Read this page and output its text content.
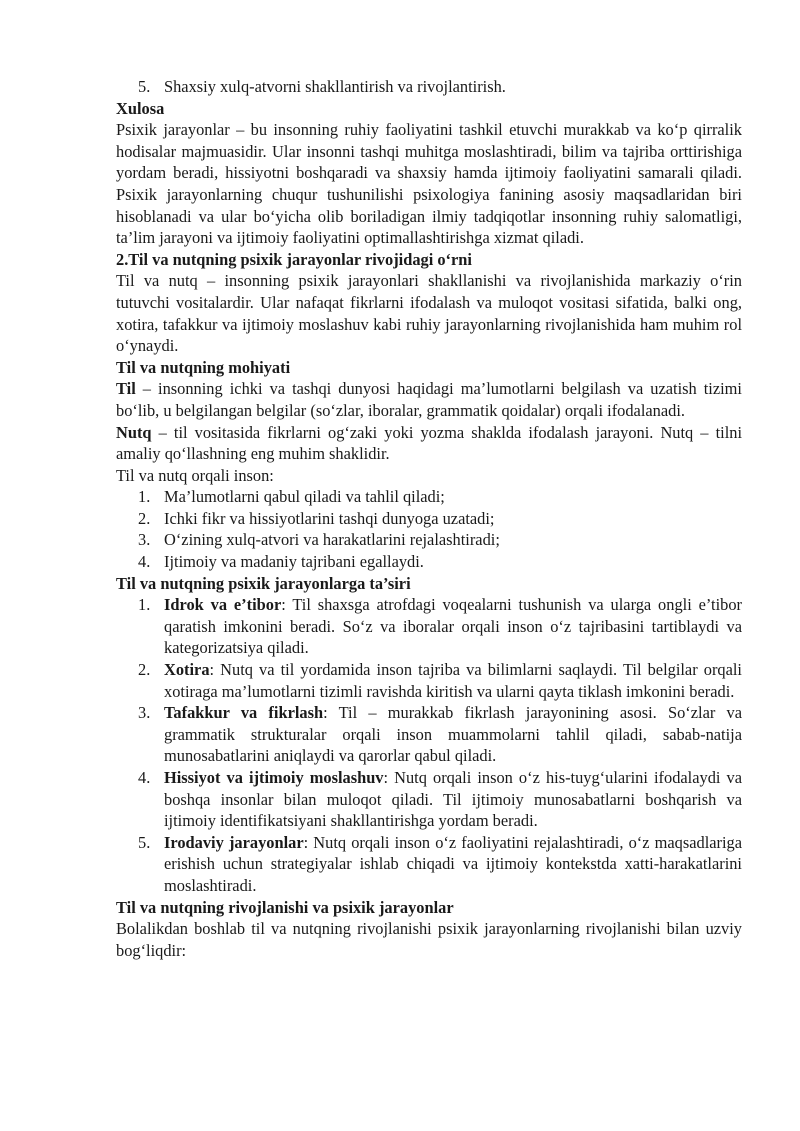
5. Shaxsiy xulq-atvorni shakllantirish va rivojlantirish.
Xulosa

Psixik jarayonlar – bu insonning ruhiy faoliyatini tashkil etuvchi murakkab va ko‘p qirralik hodisalar majmuasidir. Ular insonni tashqi muhitga moslashtiradi, bilim va tajriba orttirishiga yordam beradi, hissiyotni boshqaradi va shaxsiy hamda ijtimoiy faoliyatini samarali qiladi. Psixik jarayonlarning chuqur tushunilishi psixologiya fanining asosiy maqsadlaridan biri hisoblanadi va ular bo‘yicha olib boriladigan ilmiy tadqiqotlar insonning ruhiy salomatligi, ta’lim jarayoni va ijtimoiy faoliyatini optimallashtirishga xizmat qiladi.

2.Til va nutqning psixik jarayonlar rivojidagi o‘rni

Til va nutq – insonning psixik jarayonlari shakllanishi va rivojlanishida markaziy o‘rin tutuvchi vositalardir. Ular nafaqat fikrlarni ifodalash va muloqot vositasi sifatida, balki ong, xotira, tafakkur va ijtimoiy moslashuv kabi ruhiy jarayonlarning rivojlanishida ham muhim rol o‘ynaydi.

Til va nutqning mohiyati

Til – insonning ichki va tashqi dunyosi haqidagi ma’lumotlarni belgilash va uzatish tizimi bo‘lib, u belgilangan belgilar (so‘zlar, iboralar, grammatik qoidalar) orqali ifodalanadi.

Nutq – til vositasida fikrlarni og‘zaki yoki yozma shaklda ifodalash jarayoni. Nutq – tilni amaliy qo‘llashning eng muhim shaklidir.

Til va nutq orqali inson:

1. Ma’lumotlarni qabul qiladi va tahlil qiladi;
2. Ichki fikr va hissiyotlarini tashqi dunyoga uzatadi;
3. O‘zining xulq-atvori va harakatlarini rejalashtiradi;
4. Ijtimoiy va madaniy tajribani egallaydi.
Til va nutqning psixik jarayonlarga ta’siri
1. Idrok va e’tibor: Til shaxsga atrofdagi voqealarni tushunish va ularga ongli e’tibor qaratish imkonini beradi. So‘z va iboralar orqali inson o‘z tajribasini tartiblaydi va kategorizatsiya qiladi.
2. Xotira: Nutq va til yordamida inson tajriba va bilimlarni saqlaydi. Til belgilar orqali xotiraga ma’lumotlarni tizimli ravishda kiritish va ularni qayta tiklash imkonini beradi.
3. Tafakkur va fikrlash: Til – murakkab fikrlash jarayonining asosi. So‘zlar va grammatik strukturalar orqali inson muammolarni tahlil qiladi, sabab-natija munosabatlarini aniqlaydi va qarorlar qabul qiladi.
4. Hissiyot va ijtimoiy moslashuv: Nutq orqali inson o‘z his-tuyg‘ularini ifodalaydi va boshqa insonlar bilan muloqot qiladi. Til ijtimoiy munosabatlarni boshqarish va ijtimoiy identifikatsiyani shakllantirishga yordam beradi.
5. Irodaviy jarayonlar: Nutq orqali inson o‘z faoliyatini rejalashtiradi, o‘z maqsadlariga erishish uchun strategiyalar ishlab chiqadi va ijtimoiy kontekstda xatti-harakatlarini moslashtiradi.
Til va nutqning rivojlanishi va psixik jarayonlar

Bolalikdan boshlab til va nutqning rivojlanishi psixik jarayonlarning rivojlanishi bilan uzviy bog‘liqdir:
